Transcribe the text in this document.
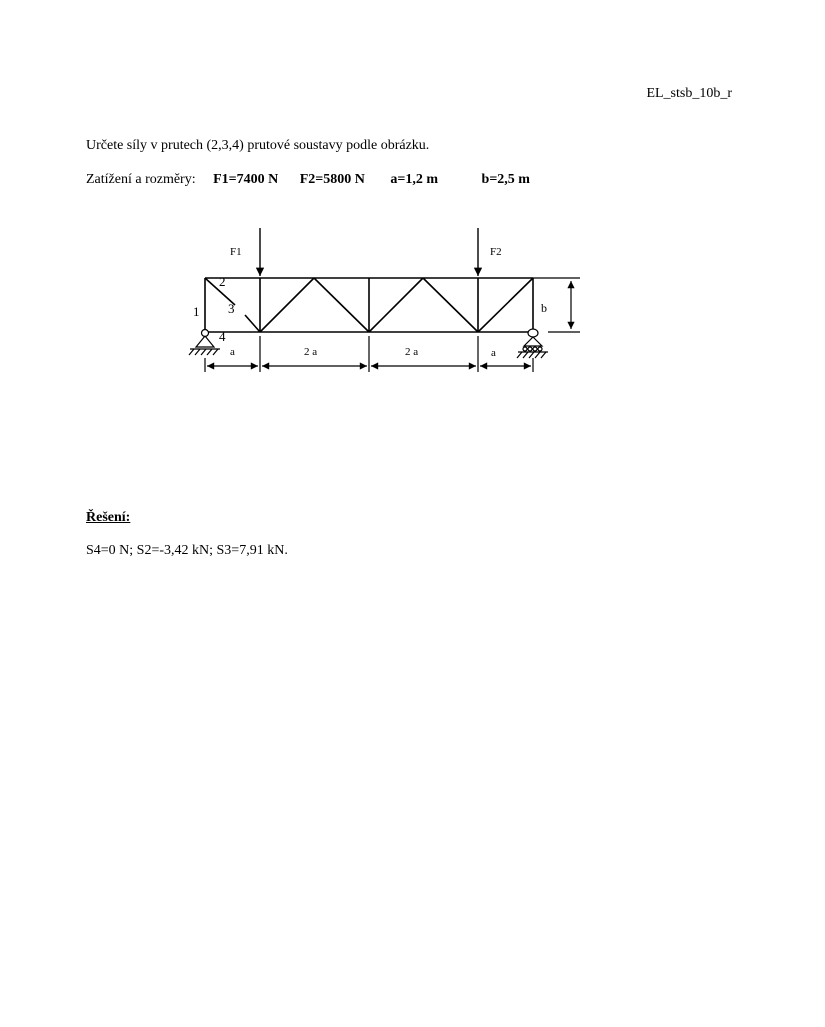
EL_stsb_10b_r
Určete síly v prutech (2,3,4) prutové soustavy podle obrázku.
Zatížení a rozměry: F1=7400 N F2=5800 N a=1,2 m	b=2,5 m
F1	F2
2
3
1
4
b
a	2 a	2 a	a
Řešení:
S4=0 N; S2=-3,42 kN; S3=7,91 kN.
